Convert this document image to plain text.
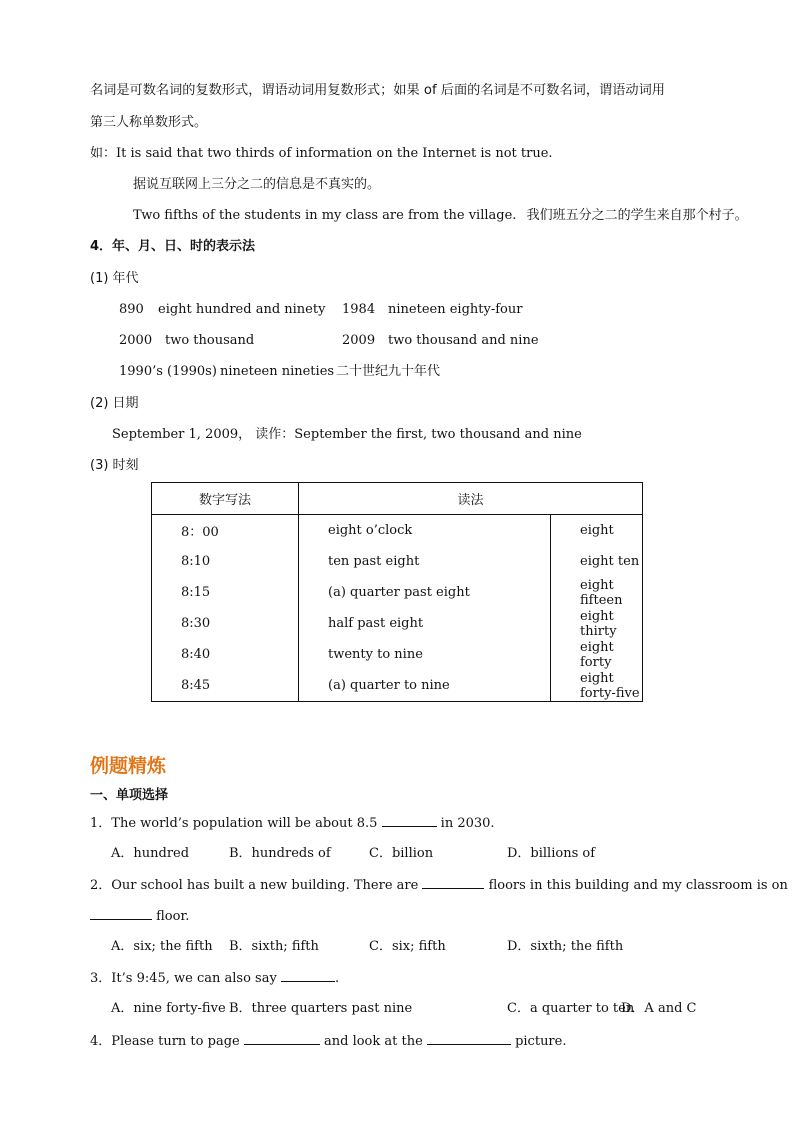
名词是可数名词的复数形式，谓语动词用复数形式；如果 of 后面的名词是不可数名词，谓语动词用
第三人称单数形式。
如：It is said that two thirds of information on the Internet is not true.
据说互联网上三分之二的信息是不真实的。
Two fifths of the students in my class are from the village. 我们班五分之二的学生来自那个村子。
4．年、月、日、时的表示法
(1) 年代
890 eight hundred and ninety 1984 nineteen eighty-four
2000 two thousand	2009 two thousand and nine
1990’s (1990s) nineteen nineties 二十世纪九十年代
(2) 日期
September 1, 2009， 读作：September the first, two thousand and nine
(3) 时刻
数字写法	读法	
8：00	eight o’clock	eight
8:10	ten past eight	eight ten
8:15	(a) quarter past eight	eight fifteen
8:30	half past eight	eight thirty
8:40	twenty to nine	eight forty
8:45	(a) quarter to nine	eight forty-five
例题精炼
一、单项选择
1．The world’s population will be about 8.5	in 2030.
A．hundred	B．hundreds of	C．billion	D．billions of
2．Our school has built a new building. There are	floors in this building and my classroom is on
floor.
A．six; the fifth B．sixth; fifth	C．six; fifth	D．sixth; the fifth
3．It’s 9:45, we can also say	.
A．nine forty-five B．three quarters past nine	C．a quarter to ten
D．A and C
4．Please turn to page	and look at the	picture.
